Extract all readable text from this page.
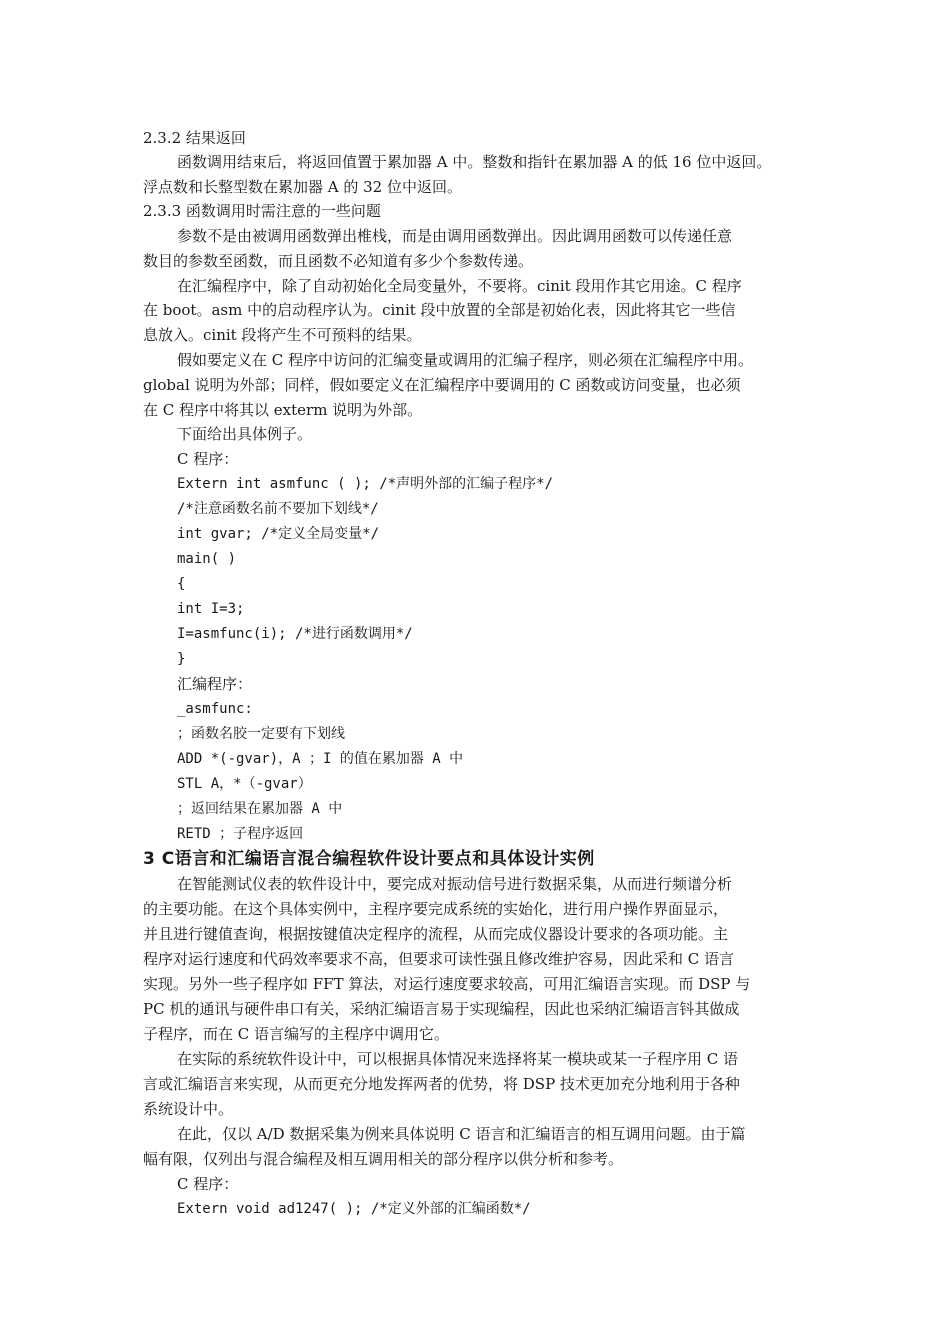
2.3.2 结果返回
函数调用结束后，将返回值置于累加器 A 中。整数和指针在累加器 A 的低 16 位中返回。
浮点数和长整型数在累加器 A 的 32 位中返回。
2.3.3 函数调用时需注意的一些问题
参数不是由被调用函数弹出椎栈，而是由调用函数弹出。因此调用函数可以传递任意
数目的参数至函数，而且函数不必知道有多少个参数传递。
在汇编程序中，除了自动初始化全局变量外，不要将。cinit 段用作其它用途。C 程序
在 boot。asm 中的启动程序认为。cinit 段中放置的全部是初始化表，因此将其它一些信
息放入。cinit 段将产生不可预料的结果。
假如要定义在 C 程序中访问的汇编变量或调用的汇编子程序，则必须在汇编程序中用。
global 说明为外部；同样，假如要定义在汇编程序中要调用的 C 函数或访问变量，也必须
在 C 程序中将其以 exterm 说明为外部。
下面给出具体例子。
C 程序：
Extern int asmfunc ( ); /*声明外部的汇编子程序*/
/*注意函数名前不要加下划线*/
int gvar; /*定义全局变量*/
main( )
{
int I=3;
I=asmfunc(i); /*进行函数调用*/
}
汇编程序：
_asmfunc:
；函数名胶一定要有下划线
ADD *(-gvar)，A ；I 的值在累加器 A 中
STL A，*（-gvar）
；返回结果在累加器 A 中
RETD ；子程序返回
3 C语言和汇编语言混合编程软件设计要点和具体设计实例
在智能测试仪表的软件设计中，要完成对振动信号进行数据采集，从而进行频谱分析
的主要功能。在这个具体实例中，主程序要完成系统的实始化，进行用户操作界面显示，
并且进行键值查询，根据按键值决定程序的流程，从而完成仪器设计要求的各项功能。主
程序对运行速度和代码效率要求不高，但要求可读性强且修改维护容易，因此采和 C 语言
实现。另外一些子程序如 FFT 算法，对运行速度要求较高，可用汇编语言实现。而 DSP 与
PC 机的通讯与硬件串口有关，采纳汇编语言易于实现编程，因此也采纳汇编语言钭其做成
子程序，而在 C 语言编写的主程序中调用它。
在实际的系统软件设计中，可以根据具体情况来选择将某一模块或某一子程序用 C 语
言或汇编语言来实现，从而更充分地发挥两者的优势，将 DSP 技术更加充分地利用于各种
系统设计中。
在此，仅以 A/D 数据采集为例来具体说明 C 语言和汇编语言的相互调用问题。由于篇
幅有限，仅列出与混合编程及相互调用相关的部分程序以供分析和参考。
C 程序：
Extern void ad1247( ); /*定义外部的汇编函数*/
